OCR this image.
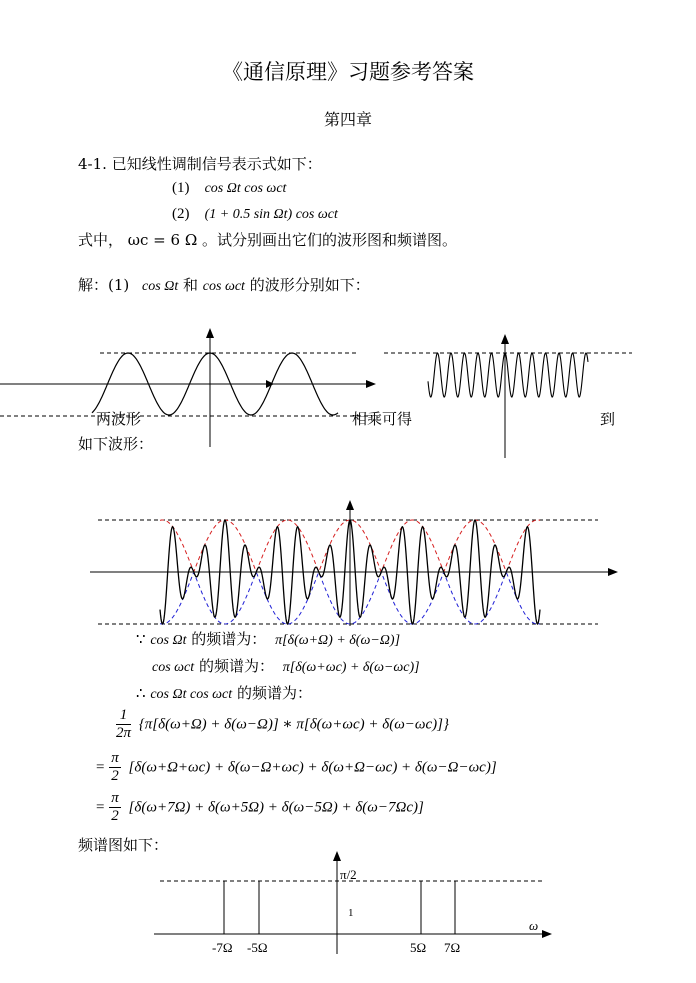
《通信原理》习题参考答案
第四章
4-1. 已知线性调制信号表示式如下：
(1) cos Ωt cos ωct
(2) (1 + 0.5 sin Ωt) cos ωct
式中， ωc = 6 Ω 。试分别画出它们的波形图和频谱图。
解：(1) cos Ωt 和 cos ωct 的波形分别如下：
两波形	相乘可得	到
如下波形：
∵ cos Ωt 的频谱为： π[δ(ω+Ω) + δ(ω−Ω)]
cos ωct 的频谱为： π[δ(ω+ωc) + δ(ω−ωc)]
∴ cos Ωt cos ωct 的频谱为：
$\frac{1}{2\pi} \{\pi[\delta(\omega+\Omega) + \delta(\omega-\Omega)]$ ∗ π[δ(ω+ωc) + δ(ω−ωc)]}
= $\frac{\pi}{2} [\delta(\omega+\Omega+\omega c) + \delta(\omega-\Omega+\omega c) + \delta(\omega+\Omega-\omega c) + \delta(\omega-\Omega-\omega c)]$
= $\frac{\pi}{2} [\delta(\omega+7\Omega) + \delta(\omega+5\Omega) + \delta(\omega-5\Omega) + \delta(\omega-7\Omega c)]$
频谱图如下：
π/2
1
ω
-7Ω -5Ω	5Ω 7Ω
